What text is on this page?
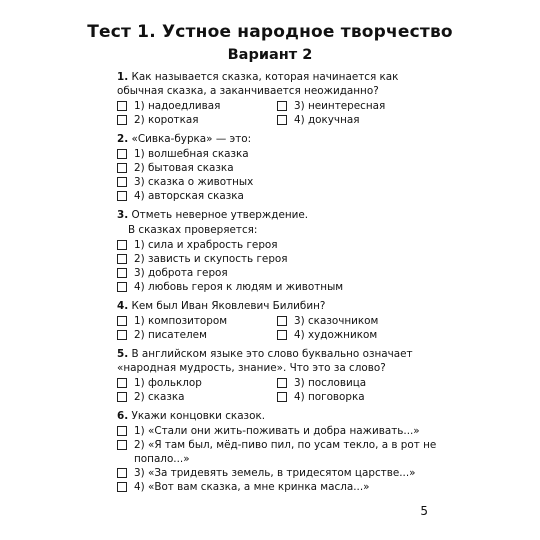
Тест 1. Устное народное творчество
Вариант 2
1. Как называется сказка, которая начинается как обычная сказка, а заканчивается неожиданно?
1) надоедливая	3) неинтересная
2) короткая	4) докучная
2. «Сивка-бурка» — это:
1) волшебная сказка
2) бытовая сказка
3) сказка о животных
4) авторская сказка
3. Отметь неверное утверждение.
В сказках проверяется:
1) сила и храбрость героя
2) зависть и скупость героя
3) доброта героя
4) любовь героя к людям и животным
4. Кем был Иван Яковлевич Билибин?
1) композитором	3) сказочником
2) писателем	4) художником
5. В английском языке это слово буквально означает «народная мудрость, знание». Что это за слово?
1) фольклор	3) пословица
2) сказка	4) поговорка
6. Укажи концовки сказок.
1) «Стали они жить-поживать и добра наживать...»
2) «Я там был, мёд-пиво пил, по усам текло, а в рот не попало...»
3) «За тридевять земель, в тридесятом царстве...»
4) «Вот вам сказка, а мне кринка масла...»
5
